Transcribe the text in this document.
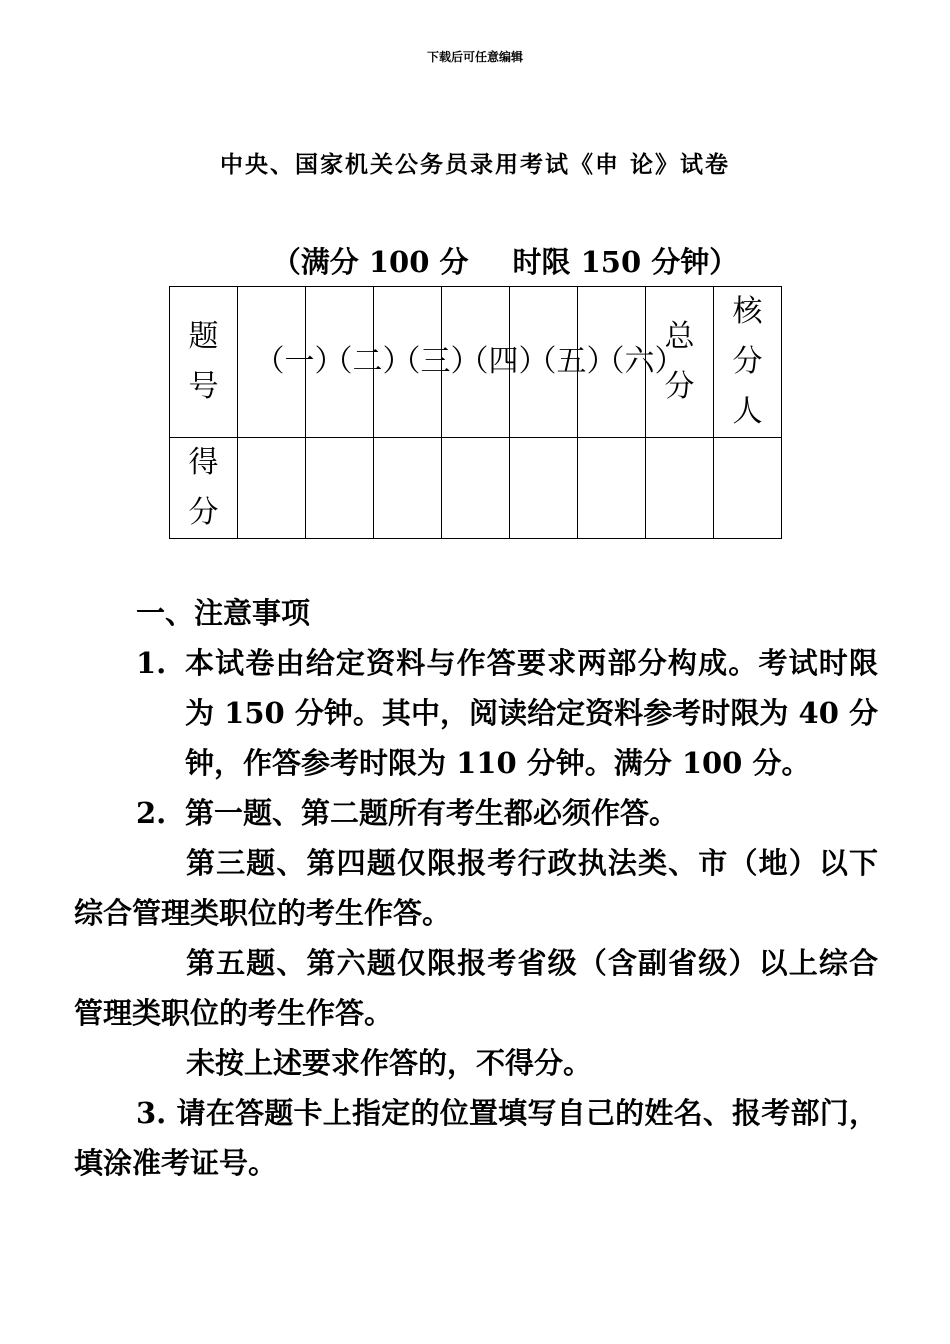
下载后可任意编辑
中央、国家机关公务员录用考试《申 论》试卷
（满分 100 分 时限 150 分钟）
题号	（一）	（二）	（三）	（四）	（五）	（六）	总分	核分人
得分								
一、注意事项
1. 本试卷由给定资料与作答要求两部分构成。考试时限为 150 分钟。其中，阅读给定资料参考时限为 40 分钟，作答参考时限为 110 分钟。满分 100 分。
2. 第一题、第二题所有考生都必须作答。
第三题、第四题仅限报考行政执法类、市（地）以下综合管理类职位的考生作答。
第五题、第六题仅限报考省级（含副省级）以上综合管理类职位的考生作答。
未按上述要求作答的，不得分。
3. 请在答题卡上指定的位置填写自己的姓名、报考部门，填涂准考证号。
